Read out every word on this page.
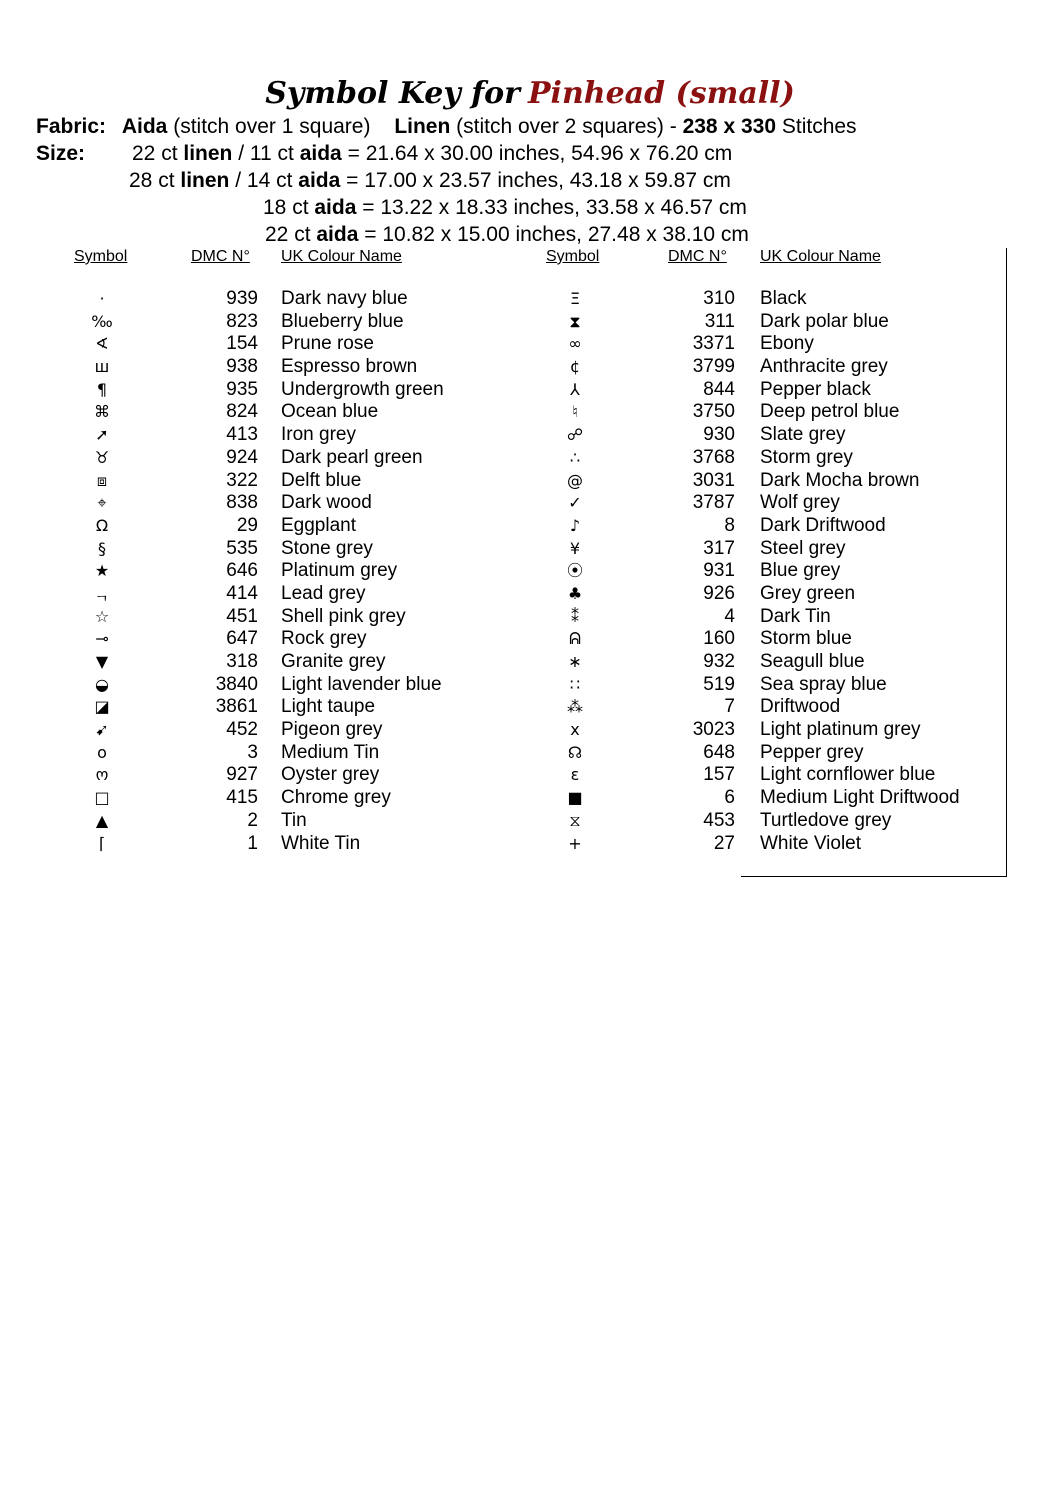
Symbol Key for Pinhead (small)
Fabric: Aida (stitch over 1 square) Linen (stitch over 2 squares) - 238 x 330 Stitches
Size: 22 ct linen / 11 ct aida = 21.64 x 30.00 inches, 54.96 x 76.20 cm
28 ct linen / 14 ct aida = 17.00 x 23.57 inches, 43.18 x 59.87 cm
18 ct aida = 13.22 x 18.33 inches, 33.58 x 46.57 cm
22 ct aida = 10.82 x 15.00 inches, 27.48 x 38.10 cm
Symbol	DMC N° UK Colour Name	Symbol	DMC N° UK Colour Name
·	939 Dark navy blue
‰	823 Blueberry blue
∢	154 Prune rose
ш	938 Espresso brown
¶	935 Undergrowth green
⌘	824 Ocean blue
➚	413 Iron grey
♉	924 Dark pearl green
⧈	322 Delft blue
⌖	838 Dark wood
Ω	29 Eggplant
§	535 Stone grey
★	646 Platinum grey
ᆨ	414 Lead grey
☆	451 Shell pink grey
⊸	647 Rock grey
▼	318 Granite grey
◒	3840 Light lavender blue
◪	3861 Light taupe
➹	452 Pigeon grey
o	3 Medium Tin
ო	927 Oyster grey
□	415 Chrome grey
▲	2 Tin
⌈	1 White Tin
Ξ	310 Black
⧗	311 Dark polar blue
∞	3371 Ebony
¢	3799 Anthracite grey
⅄	844 Pepper black
♮	3750 Deep petrol blue
☍	930 Slate grey
∴	3768 Storm grey
@	3031 Dark Mocha brown
✓	3787 Wolf grey
♪	8 Dark Driftwood
¥	317 Steel grey
⦿	931 Blue grey
♣	926 Grey green
⁑	4 Dark Tin
ᕱ	160 Storm blue
∗	932 Seagull blue
∷	519 Sea spray blue
⁂	7 Driftwood
x	3023 Light platinum grey
☊	648 Pepper grey
ε	157 Light cornflower blue
■	6 Medium Light Driftwood
⧖	453 Turtledove grey
+	27 White Violet
